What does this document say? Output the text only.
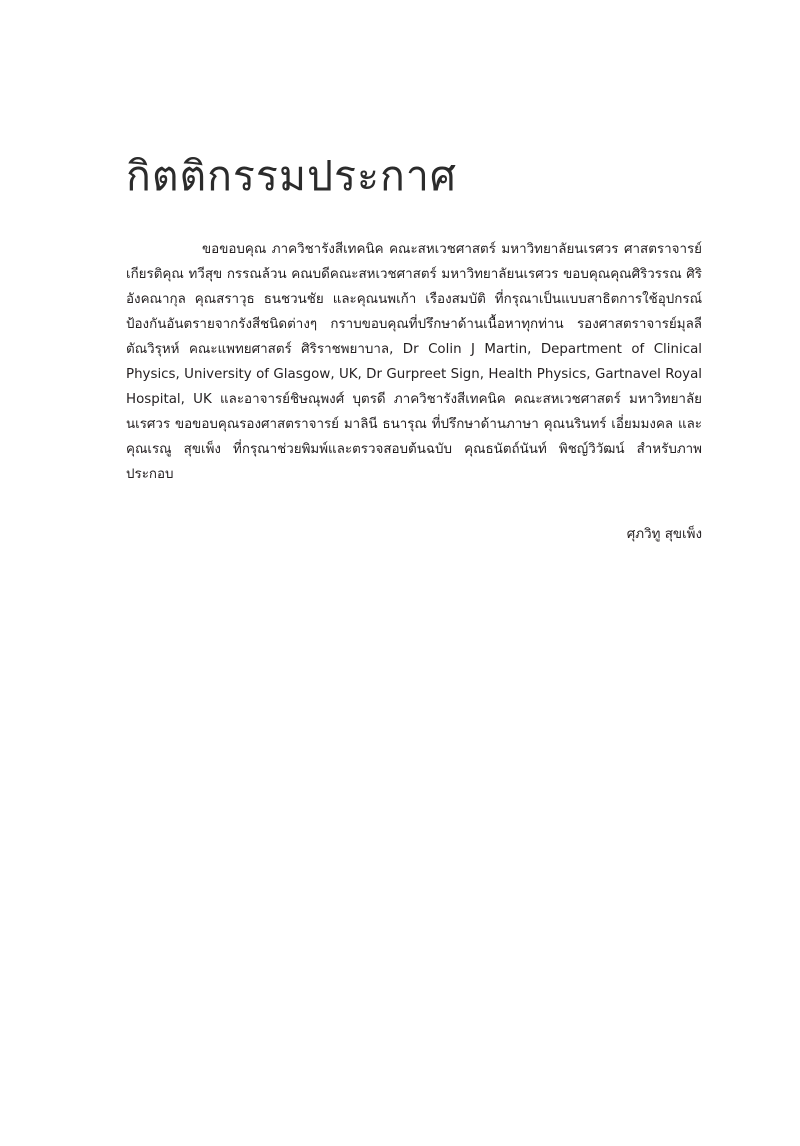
กิตติกรรมประกาศ

ขอขอบคุณ ภาควิชารังสีเทคนิค คณะสหเวชศาสตร์ มหาวิทยาลัยนเรศวร ศาสตราจารย์เกียรติคุณ ทวีสุข กรรณล้วน คณบดีคณะสหเวชศาสตร์ มหาวิทยาลัยนเรศวร ขอบคุณคุณศิริวรรณ ศิริอังคณากุล คุณสราวุธ ธนชวนชัย และคุณนพเก้า เรืองสมบัติ ที่กรุณาเป็นแบบสาธิตการใช้อุปกรณ์ป้องกันอันตรายจากรังสีชนิดต่างๆ กราบขอบคุณที่ปรึกษาด้านเนื้อหาทุกท่าน รองศาสตราจารย์มุลลี ตัณวิรุหห์ คณะแพทยศาสตร์ ศิริราชพยาบาล, Dr Colin J Martin, Department of Clinical Physics, University of Glasgow, UK, Dr Gurpreet Sign, Health Physics, Gartnavel Royal Hospital, UK และอาจารย์ชิษณุพงศ์ บุตรดี ภาควิชารังสีเทคนิค คณะสหเวชศาสตร์ มหาวิทยาลัยนเรศวร ขอขอบคุณรองศาสตราจารย์ มาลินี ธนารุณ ที่ปรึกษาด้านภาษา คุณนรินทร์ เอี่ยมมงคล และคุณเรณู สุขเพ็ง ที่กรุณาช่วยพิมพ์และตรวจสอบต้นฉบับ คุณธนัตถ์นันท์ พิชญ์วิวัฒน์ สำหรับภาพประกอบ

ศุภวิทู สุขเพ็ง
